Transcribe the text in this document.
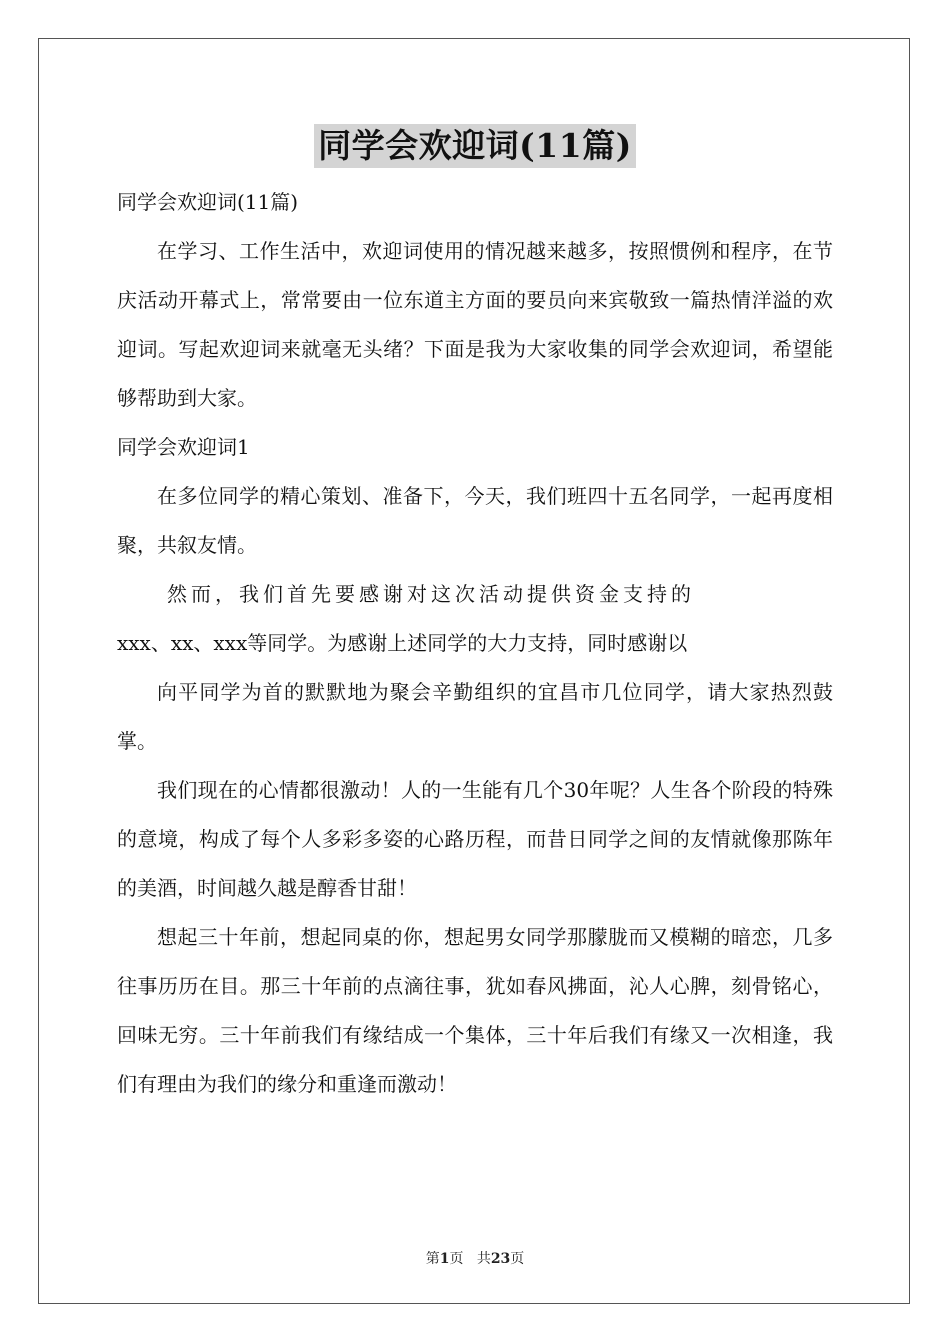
同学会欢迎词(11篇)

同学会欢迎词(11篇)

在学习、工作生活中，欢迎词使用的情况越来越多，按照惯例和程序，在节庆活动开幕式上，常常要由一位东道主方面的要员向来宾敬致一篇热情洋溢的欢迎词。写起欢迎词来就毫无头绪？下面是我为大家收集的同学会欢迎词，希望能够帮助到大家。

同学会欢迎词1

在多位同学的精心策划、准备下，今天，我们班四十五名同学，一起再度相聚，共叙友情。

然而，我们首先要感谢对这次活动提供资金支持的

xxx、xx、xxx等同学。为感谢上述同学的大力支持，同时感谢以

向平同学为首的默默地为聚会辛勤组织的宜昌市几位同学，请大家热烈鼓掌。

我们现在的心情都很激动！人的一生能有几个30年呢？人生各个阶段的特殊的意境，构成了每个人多彩多姿的心路历程，而昔日同学之间的友情就像那陈年的美酒，时间越久越是醇香甘甜！

想起三十年前，想起同桌的你，想起男女同学那朦胧而又模糊的暗恋，几多往事历历在目。那三十年前的点滴往事，犹如春风拂面，沁人心脾，刻骨铭心，回味无穷。三十年前我们有缘结成一个集体，三十年后我们有缘又一次相逢，我们有理由为我们的缘分和重逢而激动！

第1页 共23页
